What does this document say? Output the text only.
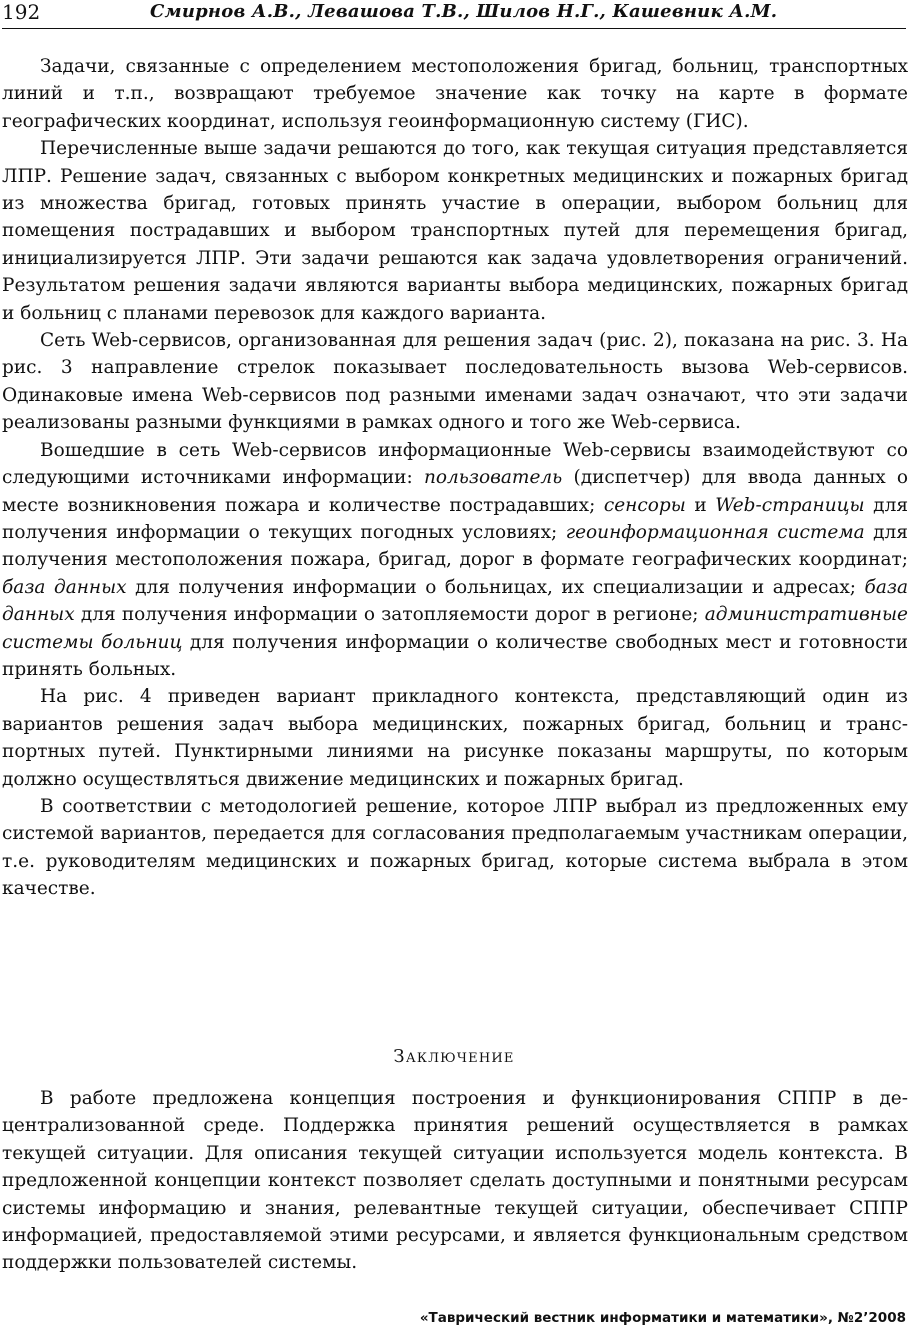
192	Смирнов А.В., Левашова Т.В., Шилов Н.Г., Кашевник А.М.

Задачи, связанные с определением местоположения бригад, больниц, транспортных линий и т.п., возвращают требуемое значение как точку на карте в формате географических координат, используя геоинформационную систему (ГИС).

Перечисленные выше задачи решаются до того, как текущая ситуация представляется ЛПР. Решение задач, связанных с выбором конкретных медицинских и пожарных бригад из множества бригад, готовых принять участие в операции, выбором больниц для помещения пострадавших и выбором транспортных путей для перемещения бригад, инициализируется ЛПР. Эти задачи решаются как задача удовлетворения ограничений. Результатом решения задачи являются варианты выбора медицинских, пожарных бригад и больниц с планами перевозок для каждого варианта.

Сеть Web-сервисов, организованная для решения задач (рис. 2), показана на рис. 3. На рис. 3 направление стрелок показывает последовательность вызова Web-сервисов. Одинаковые имена Web-сервисов под разными именами задач означают, что эти задачи реализованы разными функциями в рамках одного и того же Web-сервиса.

Вошедшие в сеть Web-сервисов информационные Web-сервисы взаимодействуют со следующими источниками информации: пользователь (диспетчер) для ввода данных о месте возникновения пожара и количестве пострадавших; сенсоры и Web-страницы для получения информации о текущих погодных условиях; геоинформационная система для получения местоположения пожара, бригад, дорог в формате географических координат; база данных для получения информации о больницах, их специализации и адресах; база данных для получения информации о затопляемости дорог в регионе; административные системы больниц для получения информации о количестве свободных мест и готовности принять больных.

На рис. 4 приведен вариант прикладного контекста, представляющий один из вариантов решения задач выбора медицинских, пожарных бригад, больниц и транспортных путей. Пунктирными линиями на рисунке показаны маршруты, по которым должно осуществляться движение медицинских и пожарных бригад.

В соответствии с методологией решение, которое ЛПР выбрал из предложенных ему системой вариантов, передается для согласования предполагаемым участникам операции, т.е. руководителям медицинских и пожарных бригад, которые система выбрала в этом качестве.

Заключение

В работе предложена концепция построения и функционирования СППР в децентрализованной среде. Поддержка принятия решений осуществляется в рамках текущей ситуации. Для описания текущей ситуации используется модель контекста. В предложенной концепции контекст позволяет сделать доступными и понятными ресурсам системы информацию и знания, релевантные текущей ситуации, обеспечивает СППР информацией, предоставляемой этими ресурсами, и является функциональным средством поддержки пользователей системы.

«Таврический вестник информатики и математики», №2’2008
